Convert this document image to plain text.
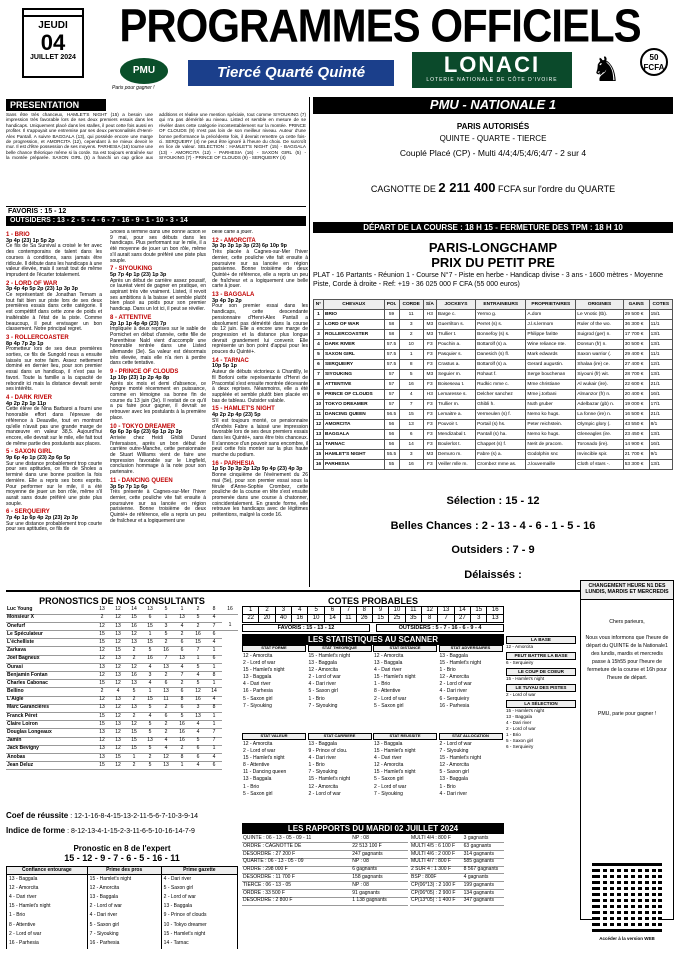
JEUDI
04
JUILLET 2024
PROGRAMMES OFFICIELS
PMU
Paris pour gagner !
Tiercé Quarté Quinté	LONACI
LOTERIE NATIONALE DE CÔTE D'IVOIRE ♞	50 FCFA
PRESENTATION
Sans être très chanceux, HAMLET'S NIGHT (15) a besoin une impression très favorable lors de ses deux premiers essais dans les handicaps. Uniquement placé dans les stalles, il peut cette fois aussi en profiter. Il s'appuyait une entremise par ses deux personnalités d'Henri-Alex Pantall. A suivre BAGGALA (13), qui possède encore une marge de progression, et AMORCITA (12), cependant à ne mieux devoir le mur. Il est d'être possession de ses moyens. PARHESIA (16) tourne une belle chance théorique même si la corde. Sa est toujours entraînée sur la montée préparée. SAXON GIRL (5) a franchi un cap grâce aux additions et réalise une mention spéciale, tout comme SIYOUKING (7) qui n'a pas démérité au niveau. Listed et semble en mesure de se révéler dans cette catégorie incontestablement sur la montée. PRINCE OF CLOUDS (9) n'est pas loin de son meilleur niveau. Auteur d'une bonne performance la précédente fois, il devrait remettre ça cette fois-ci. SERQUEIRY (4) ne peut être ignoré à l'heure du choix. De surcroît en lice de valeur. SELECTION : HAMLET'S NIGHT (15) - BAGGALA (13) - AMORCITA (12) - PARHESIA (16) - SAXON GIRL (5) - SIYOUKING (7) - PRINCE OF CLOUDS (9) - SERQUEIRY (4)
FAVORIS : 15 - 12
OUTSIDERS : 13 - 2 - 5 - 4 - 6 - 7 - 16 - 9 - 1 - 10 - 3 - 14
1 - BRIO
3p 4p (23) 1p 5p 2p
Ce fils de Sa Survival a croisé le fer avec des contemporains de talent dans les courses à conditions, sans jamais être ridicule. Il débute dans les handicaps à une valeur élevée, mais il serait tout de même imprudent de l'écarter totalement.
2 - LORD OF WAR
3p 4p 4p 5p 2p (23) 1p 3p 3p
Ce représentant de Jonathan Ternam a tout fait bien sur piste lors de ses deux premières essais dans cette catégorie. Il est compétitif dans cette zone de poids et inaltérable à l'état de la piste. Comme beaucoup, il peut envisager un bon classement. Notre principal regret.
3 - ROLLERCOASTER
8p 4p 7p 2p 1p
Prometteur lors de ses deux premières sorties, ce fils de Sungold nous a ensuite laissés sur notre faim. Assez nettement dominé en dernier lieu, pour son premier essai dans un handicap, il n'est pas le favori. Toute la famille a la capacité de rebondir ici mais la distance devrait servir ses intérêts.
4 - DARK RIVER
4p 2p 2p 1p 11p
Cette élève de Nina Barbaroi a fourni une honorable effort dans l'épreuve de référence à Deauville, tout en montrant qu'elle n'avait pas une grande marge de manœuvre en valeur 38,5. Aujourd'hui encore, elle devrait sur le mile, elle fait tout de même partie des postulants aux places.
5 - SAXON GIRL
9p 6p 4p 1p (23) 2p 6p 5p
Sur une distance probablement trop courte pour ses aptitudes, ce fils de Sholes a terminé dans une bonne position la fois dernière. Elle a repris ses bons esprits. Pour performer sur le mile, il a été moyenne de jouer un bon rôle, même s'il aurait sans doute préféré une piste plus souple.
6 - SERQUEIRY
7p 4p 1p 6p 4p 2p (23) 2p 3p
Sur une distance probablement trop courte pour ses aptitudes, ce fils de
Sholes a terminé dans une bonne action le 9 mai, pour ses débuts dans les handicaps. Plus performant sur le mile, il a été moyenne de jouer un bon rôle, même s'il aurait sans doute préféré une piste plus souple.
7 - SIYOUKING
5p 7p 4p 1p (23) 1p 3p
Après un début de carrière assez poussif, ce lauréat vient de gagner en pratique, en aspirant très vite vraiment. Listed, il revoit ses ambitions à la baisse et semble plutôt bien placé au poids pour son premier handicap. Dans un lot ici, il peut se révéler.
8 - ATTENTIVE
2p 1p 1p 4p 4p (23) 7p
Impliquée à deux reprises sur le sable de Pornichet en début d'année, cette fille de Parenthèse Nald vient d'accomplir une honorable rentrée dans une Listed allemande (3e). Sa valeur est désormais très élevée, mais elle n'a rien à perdre dans cette tentative.
9 - PRINCE OF CLOUDS
1p 10p (23) 1p 2p 4p 8p
Après six mois et demi d'absence, ce hongre monté récemment en puissance, comme en témoigne sa bonne fin de course du 13 juin (3e). Il restait de ce qu'il a pu faire pour gagner, il devrait se retrouver avec les postulants à la première place.
10 - TOKYO DREAMER
6p 6p 3p 6p (23) 6p 1p 2p 3p
Arrivée chez Heidi Ghibli Durant l'intersaison, après un bon début de carrière outre-Manche, cette pensionnaire de Stuart Williams vient de faire une impression favorable sur le Lingfield, conclusion hommage à la note pour son partenaire.
11 - DANCING QUEEN
3p 5p 7p 1p 6p
Très présente à Cagnes-sur-Mer l'hiver dernier, cette pouliche vite fait ensuite à poursuivre sur sa lancée en région parisienne. Bonne troisième de deux Quinté+ de référence, elle a repris un peu de fraîcheur et a logiquement une
belle carte à jouer.
12 - AMORCITA
3p 3p 3p 1p 3p (23) 6p 10p 9p
Très placée à Cagnes-sur-Mer l'hiver dernier, cette pouliche vite fait ensuite à poursuivre sur sa lancée en région parisienne. Bonne troisième de deux Quinté+ de référence, elle a repris un peu de fraîcheur et a logiquement une belle carte à jouer.
13 - BAGGALA
3p 4p 3p 2p
Pour son premier essai dans les handicaps, cette descendante pensionnaire d'Henri-Alex Pantall a absolument pas démérité dans la course du 12 juin. Elle a encore une marge de progression et la distance plus longue devrait grandement lui convenir. Elle représente un bon point d'appui pour les pouces du Quinté+.
14 - TARNAC
10p 5p 1p
Auteur de débuts victorieux à Chantilly, le fil Borloni cette représentante d'Henri de Pracomtal s'est ensuite montrée décevante à deux reprises. Néanmoins, elle a été suppléée et semble plutôt bien placée en bas de tableau. Outsider valable.
15 - HAMLET'S NIGHT
4p 2p 2p 4p (23) 5p
S'il est toujours monté, ce pensionnaire d'Andrés Fabre a laissé une impression favorable lors de ses deux premiers essais dans les Quinté+, sans être très chanceux. Il s'annonce d'un pouvoir sans encombre, il peut cette fois monter sur la plus haute marche du podium.
16 - PARHESIA
1p 5p 3p 3p 2p 12p 9p 4p (23) 4p 3p
Bonne cinquième de l'événement du 26 mai (5e), pour son premier essai sous la férule d'Anne-Sophie Crombez, cette pouliche de la course en tête s'est ensuite promenée dans une course à chatonner, coincidentalement. En grande forme, elle retrouve les handicaps avec de légitimes prétentions, malgré la corde 16.
PMU - NATIONALE 1
PARIS AUTORISÉS
QUINTE - QUARTE - TIERCE
Couplé Placé (CP) - Multi 4/4;4/5;4/6;4/7 - 2 sur 4
CAGNOTTE DE 2 211 400 FCFA sur l'ordre du QUARTE
DÉPART DE LA COURSE : 18 H 15 - FERMETURE DES TPM : 18 H 10
PARIS-LONGCHAMP
PRIX DU PETIT PRE
PLAT - 16 Partants - Réunion 1 - Course N°7 - Piste en herbe - Handicap divise - 3 ans - 1600 mètres - Moyenne Piste, Corde à droite - Ref: +19 - 36 025 000 F CFA (55 000 euros)
N°	CHEVAUX	POI.	CORDE	S/A	JOCKEYS	ENTRAINEURS	PROPRIETAIRES	ORIGINES	GAINS	COTES
1	BRIO	59	11	H3	Barge c.	Yermo g.	A.dom	Le Vnotic (tb).	29 500 €	15/1
2	LORD OF WAR	58	3	M3	Guerrilton s.	Perret (s) s.	J.l.s.lermom	Ruler of the wo.	36 300 €	11/1
3	ROLLERCOASTER	58	2	M3	Trullier t.	Bonnefoy (s) s.	Philippe faritte	Suigrod (ger) n.	17 700 €	13/1
4	DARK RIVER	57.5	10	F3	Pouchin a.	Bottarolf (s) a.	Wine reliance nte.	Donsun (fr) n.	30 500 €	13/1
5	SAXON GIRL	57.5	1	F3	Pasquier s.	Danesich (s) fl.	Mark edwards	Saxon warrior (.	29 400 €	11/1
6	SERQUEIRY	57.5	8	F3	Crastus a.	Bottarolf (s) a.	Gerard augustin.	Shalaa (ire) ce.	27 400 €	12/1
7	SIYOUKING	57	5	M3	Seguier m.	Rohaut f.	Serge bouchenan	Siyouni (fr) wit.	28 700 €	13/1
8	ATTENTIVE	57	16	F3	Boiseseau t.	Rudkic mme c.	Mme christiane	Al wukair (ire).	22 600 €	21/1
9	PRINCE OF CLOUDS	57	4	H3	Lemaresse s.	Delcher sanchez	Mme j.torbani	Almanzor (fr) n.	20 400 €	16/1
10	TOKYO DREAMER	57	7	F3	Trullier m.	Ghibli h.	Nuth gruber	Adelbazar (gb) n.	19 000 €	17/1
11	DANCING QUEEN	56.5	15	F3	Lemaitre a.	Vermeulen (s) f.	Nemo ko hugs.	La fonne (ire) n.	16 500 €	21/1
12	AMORCITA	56	13	F3	Pouvoir t.	Portail (s) hs.	Peter reichstein.	Olympic glory (.	43 550 €	8/1
13	BAGGALA	56	6	F3	Mendizabal t.	Pantall (s) ha.	Nemo ko hugs.	Gleneagles (ire.	23 450 €	13/1
14	TARNAC	56	14	F3	Boulerlot t.	Chappet (s) f.	Nerit de pracom.	Toronado (ire).	14 900 €	16/1
15	HAMLET'S NIGHT	55.5	3	M3	Demuro m.	Fabre (s) a.	Godolphin snc	Invincible spir.	21 700 €	9/1
16	PARHESIA	55	16	F3	Veiller mlle m.	Crombez mme as.	J.louvemaille	Cloth of stars -.	53 300 €	13/1
Sélection : 15 - 12
Belles Chances : 2 - 13 - 4 - 6 - 1 - 5 - 16
Outsiders : 7 - 9
Délaissés :
PRONOSTICS DE NOS CONSULTANTS
Luc Young	13	12	14	13	5	1	2	8	16
Monsieur X	2	12	15	6	1	13	5	4	
Onefurf	12	13	16	15	3	4	2	7	1
Le Spéculateur	15	13	12	1	5	2	16	6	
L'échelliste	15	12	13	15	2	6	15	4	
Zarkava	12	15	2	5	16	6	7	1	
Joel Bagneux	12	13	2	16	7	13	1	6	
Ourasi	13	12	12	4	13	4	5	1	
Benjamin Fontan	12	13	16	3	2	7	4	8	
Charles Cabonac	15	12	13	4	6	2	5	1	
Bellino	2	4	5	1	13	6	12	14	
L'Aigle	12	13	2	15	11	8	16	4	
Marc Garancières	13	12	13	5	2	6	3	8	
Franck Péret	15	12	2	4	6	5	13	1	
Claire Loiron	15	13	12	5	2	16	4	1	
Douglas Longeaux	13	12	15	5	2	16	4	7	
Jamin	12	13	15	13	4	16	5	7	
Jack Bevigny	13	12	15	5	4	2	6	1	
Anobas	13	15	1	2	12	8	6	4	
Jean Deluz	15	12	2	5	13	1	4	6	
Coef de réussite : 12-1-16-8-4-15-13-2-11-5-6-7-10-3-9-14
Indice de forme : 8-12-13-4-1-15-2-3-11-6-5-10-16-14-7-9
Pronostic en 8 de l'expert
15 - 12 - 9 - 7 - 6 - 5 - 16 - 11
Confiance entourage	Prime des pros	Prime gazette
13 - Baggala	15 - Hamlet's night	4 - Dari river
12 - Amorcita	12 - Amorcita	5 - Saxon girl
4 - Dari river	13 - Baggala	2 - Lord of war
15 - Hamlet's night	2 - Lord of war	13 - Baggala
1 - Brio	4 - Dari river	9 - Prince of clouds
8 - Attentive	5 - Saxon girl	10 - Tokyo dreamer
2 - Lord of war	7 - Siyouking	15 - Hamlet's night
16 - Parhesia	16 - Parhesia	14 - Tarnac
COTES PROBABLES
1	2	3	4	5	6	7	8	9	10	11	12	13	14	15	16
22	20	40	16	10	14	11	26	15	25	35	8	7	27	3	13
FAVORIS : 15 - 13 - 12	OUTSIDERS : 5 - 7 - 16 - 6 - 9 - 4
LES STATISTIQUES AU SCANNER
STAT FORME
12 - Amorcita
2 - Lord of war
15 - Hamlet's night
13 - Baggala
4 - Dari river
16 - Parhesia
5 - Saxon girl
7 - Siyouking
STAT THEORIQUE
15 - Hamlet's night
13 - Baggala
12 - Amorcita
2 - Lord of war
4 - Dari river
5 - Saxon girl
1 - Brio
7 - Siyouking
STAT DISTANCE
12 - Amorcita
13 - Baggala
4 - Dari river
15 - Hamlet's night
1 - Brio
8 - Attentive
2 - Lord of war
5 - Saxon girl
STAT ADVERSAIRES
13 - Baggala
15 - Hamlet's night
1 - Brio
12 - Amorcita
2 - Lord of war
4 - Dari river
6 - Serquieiry
16 - Parhesia
STAT VALEUR
12 - Amorcita
2 - Lord of war
15 - Hamlet's night
8 - Attentive
11 - Dancing queen
13 - Baggala
1 - Brio
5 - Saxon girl
STAT CARRIERE
13 - Baggala
9 - Prince of clou.
4 - Dari river
1 - Brio
7 - Siyouking
15 - Hamlet's night
12 - Amorcita
2 - Lord of war
STAT REUSSITE
13 - Baggala
15 - Hamlet's night
4 - Dari river
12 - Amorcita
15 - Hamlet's night
5 - Saxon girl
2 - Lord of war
7 - Siyouking
STAT ALLOCATION
2 - Lord of war
7 - Siyouking
15 - Hamlet's night
12 - Amorcita
5 - Saxon girl
13 - Baggala
1 - Brio
4 - Dari river
LES RAPPORTS DU MARDI 02 JUILLET 2024
QUINTE : 06 - 13 - 05 - 09 - 11	NP : 08
ORDRE : CAGNOTTE DE	22 513 100 F
DESORDRE : 27 200 F	247 gagnants
QUARTE : 06 - 13 - 05 - 09	NP : 08
ORDRE : 298 000 F	6 gagnants
DESORDRE : 11 700 F	158 gagnants
TIERCE : 06 - 13 - 05	NP : 08
ORDRE : 33 500 F	91 gagnants
DESORDRE : 2 800 F	1 138 gagnants
MULTI 4/4 : 800 F	3 gagnants
MULTI 4/5 : 6 100 F	63 gagnants
MULTI 4/6 : 2 000 F	314 gagnants
MULTI 4/7 : 800 F	585 gagnants
2 SUR 4 : 1 300 F	8 567 gagnants
BSP : 800F	4 gagnants
CP(06*13) : 2 100 F	199 gagnants
CP(06*05) : 2 900 F	134 gagnants
CP(13*05) : 1 400 F	347 gagnants
LA BASE
12 - Amorcita
PEUT BATTRE LA BASE
6 - Serquieiry
LE COUP DE COEUR
15 - Hamlet's night
LE TUYAU DES PISTES
2 - Lord of war
LA SÉLECTION
15 - Hamlet's night
13 - Baggala
4 - Dari river
2 - Lord of war
1 - Brio
5 - Saxon girl
6 - Serquieiry
CHANGEMENT HEURE N1 DES LUNDIS, MARDIS ET MERCREDIS
Chers parieurs,
Nous vous informons que l'heure de départ du QUINTE de la Nationale1 des lundis, mardis et mercredis passe à 15h55 pour l'heure de fermeture de la course et 16h pour l'heure de départ.
PMU, parie pour gagner !
Accéder à la version WEB
